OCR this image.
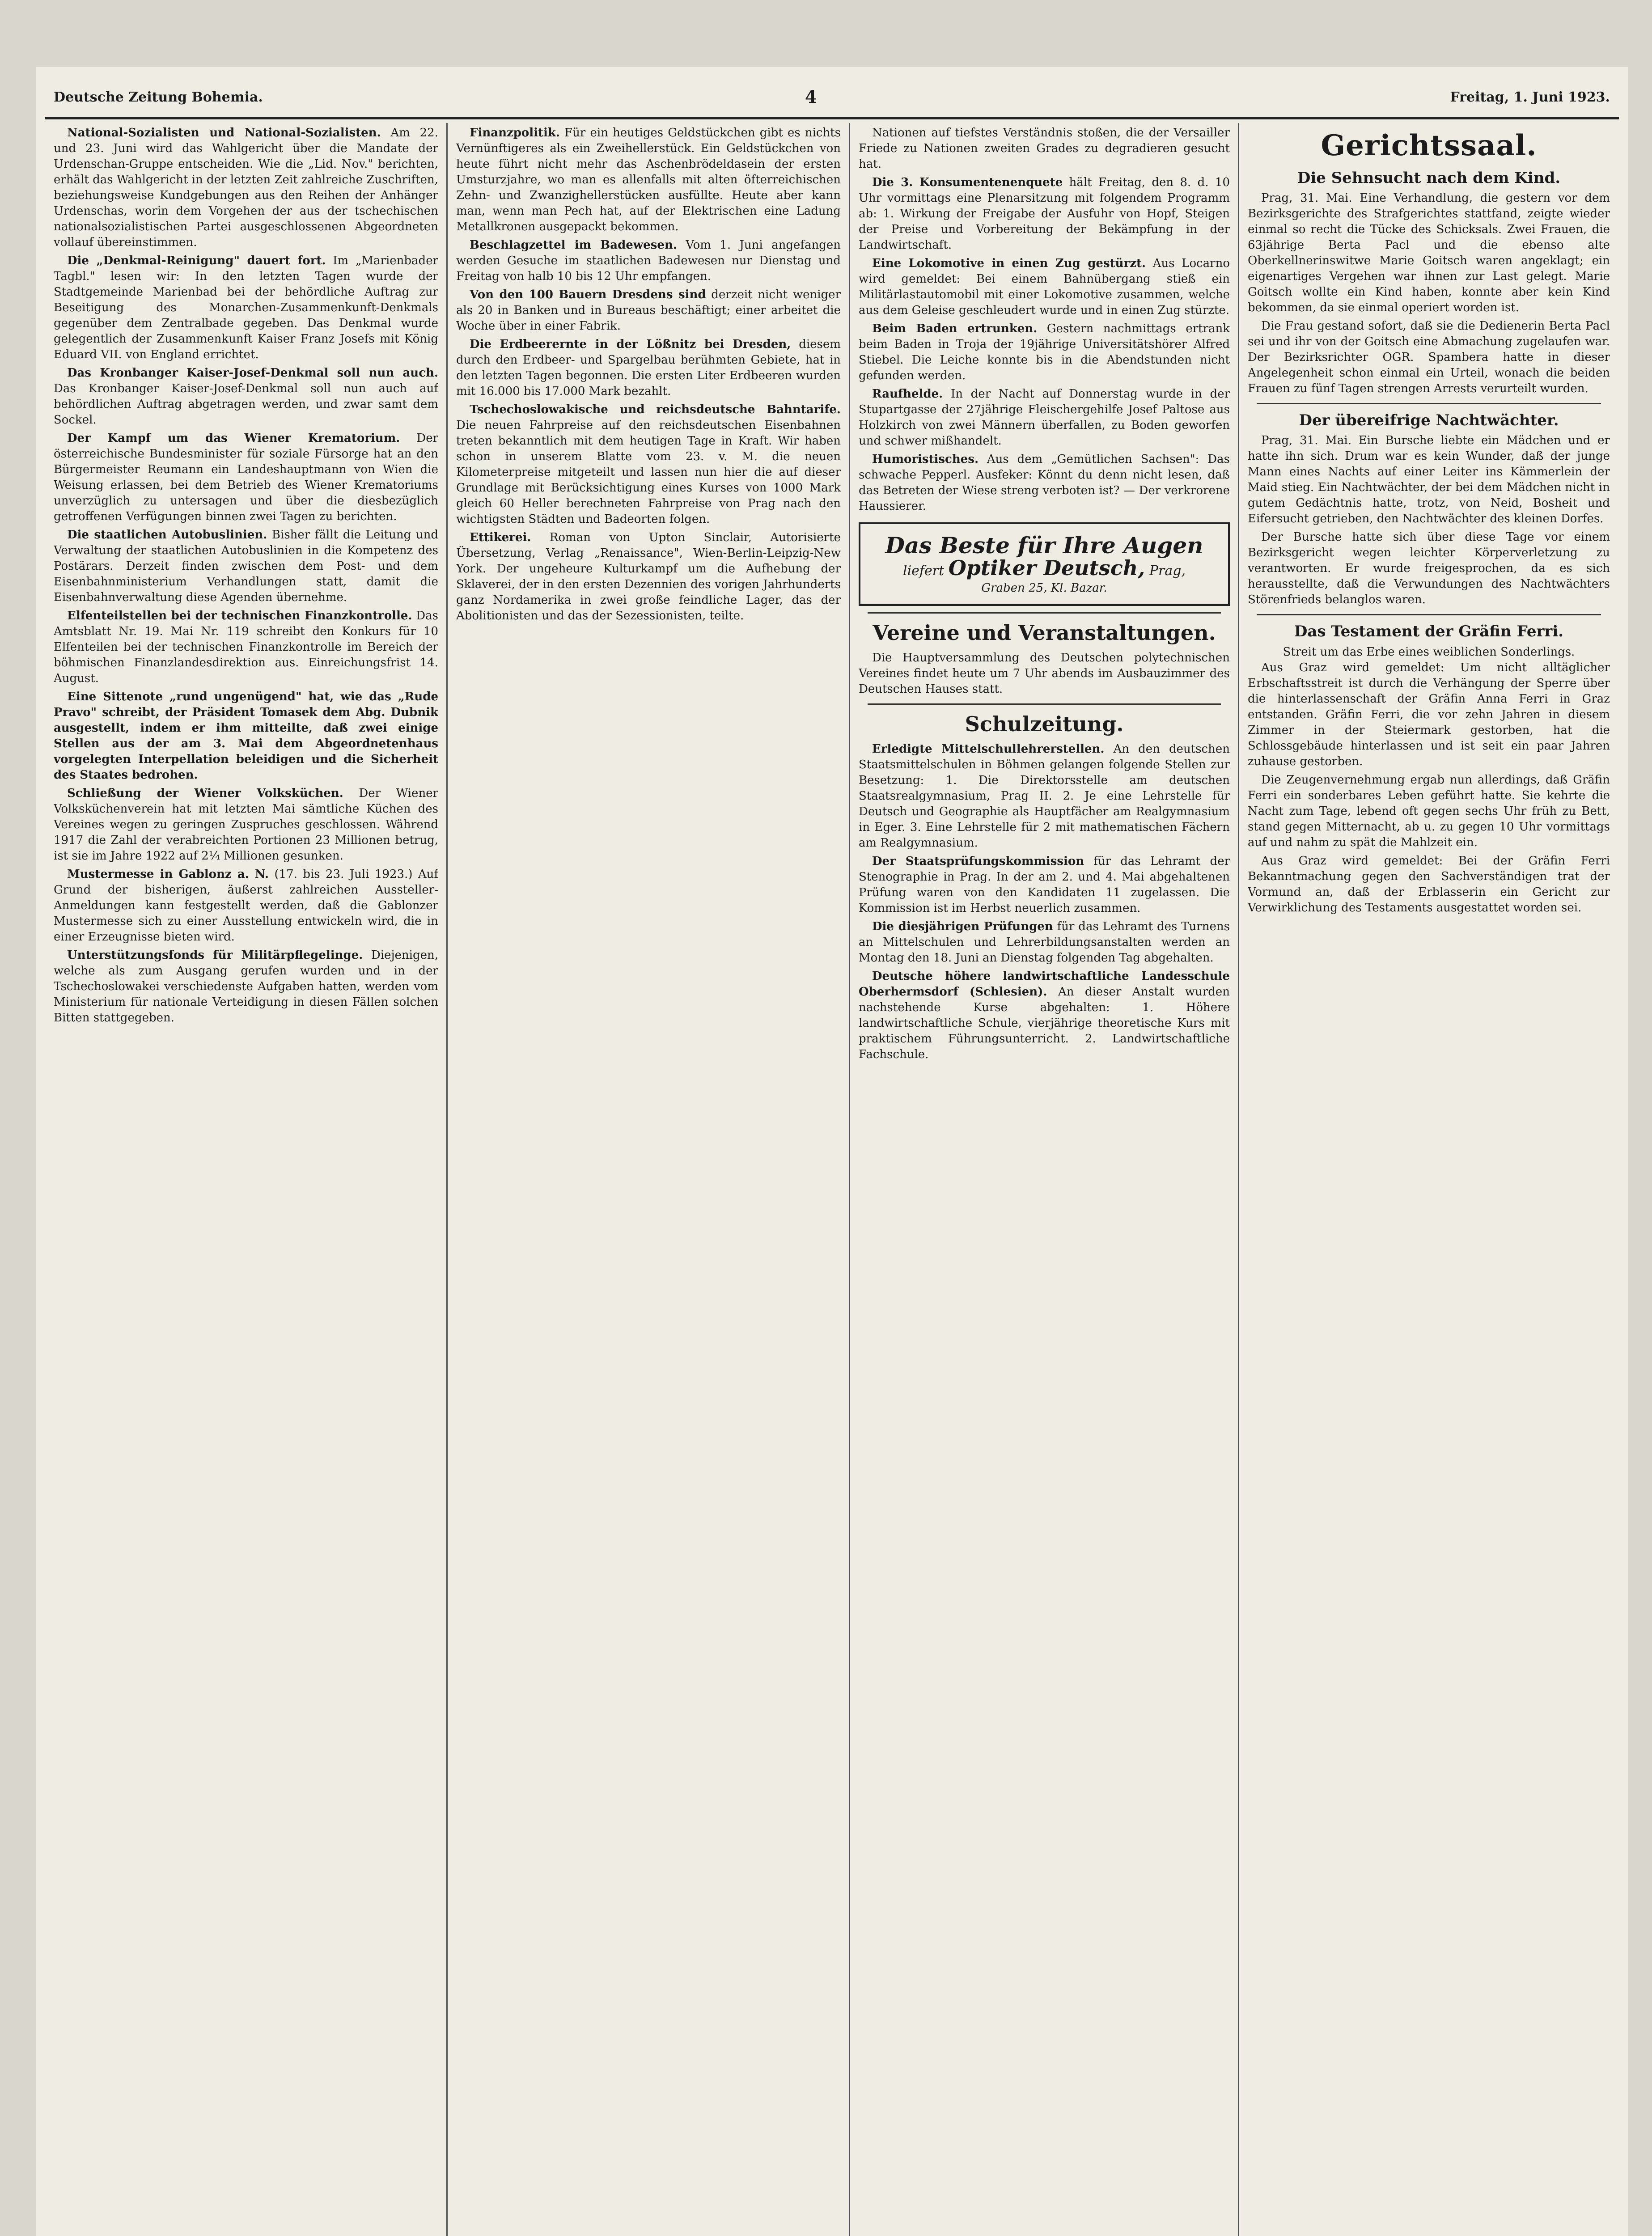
Deutsche Zeitung Bohemia.	4	Freitag, 1. Juni 1923.

National-Sozialisten und National-Sozialisten. Am 22. und 23. Juni wird das Wahlgericht über die Mandate der Urdenschan-Gruppe entscheiden. Wie die „Lid. Nov." berichten, erhält das Wahlgericht in der letzten Zeit zahlreiche Zuschriften, beziehungsweise Kundgebungen aus den Reihen der Anhänger Urdenschas, worin dem Vorgehen der aus der tschechischen nationalsozialistischen Partei ausgeschlossenen Abgeordneten vollauf übereinstimmen.

Die „Denkmal-Reinigung" dauert fort. Im „Marienbader Tagbl." lesen wir: In den letzten Tagen wurde der Stadtgemeinde Marienbad bei der behördliche Auftrag zur Beseitigung des Monarchen-Zusammenkunft-Denkmals gegenüber dem Zentralbade gegeben. Das Denkmal wurde gelegentlich der Zusammenkunft Kaiser Franz Josefs mit König Eduard VII. von England errichtet.

Das Kronbanger Kaiser-Josef-Denkmal soll nun auch. Das Kronbanger Kaiser-Josef-Denkmal soll nun auch auf behördlichen Auftrag abgetragen werden, und zwar samt dem Sockel.

Der Kampf um das Wiener Krematorium. Der österreichische Bundesminister für soziale Fürsorge hat an den Bürgermeister Reumann ein Landeshauptmann von Wien die Weisung erlassen, bei dem Betrieb des Wiener Krematoriums unverzüglich zu untersagen und über die diesbezüglich getroffenen Verfügungen binnen zwei Tagen zu berichten.

Die staatlichen Autobuslinien. Bisher fällt die Leitung und Verwaltung der staatlichen Autobuslinien in die Kompetenz des Postärars. Derzeit finden zwischen dem Post- und dem Eisenbahnministerium Verhandlungen statt, damit die Eisenbahnverwaltung diese Agenden übernehme.

Elfenteilstellen bei der technischen Finanzkontrolle. Das Amtsblatt Nr. 19. Mai Nr. 119 schreibt den Konkurs für 10 Elfenteilen bei der technischen Finanzkontrolle im Bereich der böhmischen Finanzlandesdirektion aus. Einreichungsfrist 14. August.

Eine Sittenote „rund ungenügend" hat, wie das „Rude Pravo" schreibt, der Präsident Tomasek dem Abg. Dubnik ausgestellt, indem er ihm mitteilte, daß zwei einige Stellen aus der am 3. Mai dem Abgeordnetenhaus vorgelegten Interpellation beleidigen und die Sicherheit des Staates bedrohen.

Schließung der Wiener Volksküchen. Der Wiener Volksküchenverein hat mit letzten Mai sämtliche Küchen des Vereines wegen zu geringen Zuspruches geschlossen. Während 1917 die Zahl der verabreichten Portionen 23 Millionen betrug, ist sie im Jahre 1922 auf 2¼ Millionen gesunken.

Mustermesse in Gablonz a. N. (17. bis 23. Juli 1923.) Auf Grund der bisherigen, äußerst zahlreichen Aussteller-Anmeldungen kann festgestellt werden, daß die Gablonzer Mustermesse sich zu einer Ausstellung entwickeln wird, die in einer Erzeugnisse bieten wird.

Unterstützungsfonds für Militärpflegelinge. Diejenigen, welche als zum Ausgang gerufen wurden und in der Tschechoslowakei verschiedenste Aufgaben hatten, werden vom Ministerium für nationale Verteidigung in diesen Fällen solchen Bitten stattgegeben.

Finanzpolitik. Für ein heutiges Geldstückchen gibt es nichts Vernünftigeres als ein Zweihellerstück. Ein Geldstückchen von heute führt nicht mehr das Aschenbrödeldasein der ersten Umsturzjahre, wo man es allenfalls mit alten öfterreichischen Zehn- und Zwanzighellerstücken ausfüllte. Heute aber kann man, wenn man Pech hat, auf der Elektrischen eine Ladung Metallkronen ausgepackt bekommen.

Beschlagzettel im Badewesen. Vom 1. Juni angefangen werden Gesuche im staatlichen Badewesen nur Dienstag und Freitag von halb 10 bis 12 Uhr empfangen.

Von den 100 Bauern Dresdens sind derzeit nicht weniger als 20 in Banken und in Bureaus beschäftigt; einer arbeitet die Woche über in einer Fabrik.

Die Erdbeerernte in der Lößnitz bei Dresden, diesem durch den Erdbeer- und Spargelbau berühmten Gebiete, hat in den letzten Tagen begonnen. Die ersten Liter Erdbeeren wurden mit 16.000 bis 17.000 Mark bezahlt.

Tschechoslowakische und reichsdeutsche Bahntarife. Die neuen Fahrpreise auf den reichsdeutschen Eisenbahnen treten bekanntlich mit dem heutigen Tage in Kraft. Wir haben schon in unserem Blatte vom 23. v. M. die neuen Kilometerpreise mitgeteilt und lassen nun hier die auf dieser Grundlage mit Berücksichtigung eines Kurses von 1000 Mark gleich 60 Heller berechneten Fahrpreise von Prag nach den wichtigsten Städten und Badeorten folgen.

Ettikerei. Roman von Upton Sinclair, Autorisierte Übersetzung, Verlag „Renaissance", Wien-Berlin-Leipzig-New York. Der ungeheure Kulturkampf um die Aufhebung der Sklaverei, der in den ersten Dezennien des vorigen Jahrhunderts ganz Nordamerika in zwei große feindliche Lager, das der Abolitionisten und das der Sezessionisten, teilte.

Nationen auf tiefstes Verständnis stoßen, die der Versailler Friede zu Nationen zweiten Grades zu degradieren gesucht hat.

Die 3. Konsumentenenquete hält Freitag, den 8. d. 10 Uhr vormittags eine Plenarsitzung mit folgendem Programm ab: 1. Wirkung der Freigabe der Ausfuhr von Hopf, Steigen der Preise und Vorbereitung der Bekämpfung in der Landwirtschaft.

Eine Lokomotive in einen Zug gestürzt. Aus Locarno wird gemeldet: Bei einem Bahnübergang stieß ein Militärlastautomobil mit einer Lokomotive zusammen, welche aus dem Geleise geschleudert wurde und in einen Zug stürzte.

Beim Baden ertrunken. Gestern nachmittags ertrank beim Baden in Troja der 19jährige Universitätshörer Alfred Stiebel. Die Leiche konnte bis in die Abendstunden nicht gefunden werden.

Raufhelde. In der Nacht auf Donnerstag wurde in der Stupartgasse der 27jährige Fleischergehilfe Josef Paltose aus Holzkirch von zwei Männern überfallen, zu Boden geworfen und schwer mißhandelt.

Humoristisches. Aus dem „Gemütlichen Sachsen": Das schwache Pepperl. Ausfeker: Könnt du denn nicht lesen, daß das Betreten der Wiese streng verboten ist? — Der verkrorene Haussierer.

Das Beste für Ihre Augen
liefert Optiker Deutsch, Prag,
Graben 25, Kl. Bazar.
Vereine und Veranstaltungen.

Die Hauptversammlung des Deutschen polytechnischen Vereines findet heute um 7 Uhr abends im Ausbauzimmer des Deutschen Hauses statt.

Schulzeitung.

Erledigte Mittelschullehrerstellen. An den deutschen Staatsmittelschulen in Böhmen gelangen folgende Stellen zur Besetzung: 1. Die Direktorsstelle am deutschen Staatsrealgymnasium, Prag II. 2. Je eine Lehrstelle für Deutsch und Geographie als Hauptfächer am Realgymnasium in Eger. 3. Eine Lehrstelle für 2 mit mathematischen Fächern am Realgymnasium.

Der Staatsprüfungskommission für das Lehramt der Stenographie in Prag. In der am 2. und 4. Mai abgehaltenen Prüfung waren von den Kandidaten 11 zugelassen. Die Kommission ist im Herbst neuerlich zusammen.

Die diesjährigen Prüfungen für das Lehramt des Turnens an Mittelschulen und Lehrerbildungsanstalten werden an Montag den 18. Juni an Dienstag folgenden Tag abgehalten.

Deutsche höhere landwirtschaftliche Landesschule Oberhermsdorf (Schlesien). An dieser Anstalt wurden nachstehende Kurse abgehalten: 1. Höhere landwirtschaftliche Schule, vierjährige theoretische Kurs mit praktischem Führungsunterricht. 2. Landwirtschaftliche Fachschule.

Gerichtssaal.
Die Sehnsucht nach dem Kind.

Prag, 31. Mai. Eine Verhandlung, die gestern vor dem Bezirksgerichte des Strafgerichtes stattfand, zeigte wieder einmal so recht die Tücke des Schicksals. Zwei Frauen, die 63jährige Berta Pacl und die ebenso alte Oberkellnerinswitwe Marie Goitsch waren angeklagt; ein eigenartiges Vergehen war ihnen zur Last gelegt. Marie Goitsch wollte ein Kind haben, konnte aber kein Kind bekommen, da sie einmal operiert worden ist.

Die Frau gestand sofort, daß sie die Dedienerin Berta Pacl sei und ihr von der Goitsch eine Abmachung zugelaufen war. Der Bezirksrichter OGR. Spambera hatte in dieser Angelegenheit schon einmal ein Urteil, wonach die beiden Frauen zu fünf Tagen strengen Arrests verurteilt wurden.

Der übereifrige Nachtwächter.

Prag, 31. Mai. Ein Bursche liebte ein Mädchen und er hatte ihn sich. Drum war es kein Wunder, daß der junge Mann eines Nachts auf einer Leiter ins Kämmerlein der Maid stieg. Ein Nachtwächter, der bei dem Mädchen nicht in gutem Gedächtnis hatte, trotz, von Neid, Bosheit und Eifersucht getrieben, den Nachtwächter des kleinen Dorfes.

Der Bursche hatte sich über diese Tage vor einem Bezirksgericht wegen leichter Körperverletzung zu verantworten. Er wurde freigesprochen, da es sich herausstellte, daß die Verwundungen des Nachtwächters Störenfrieds belanglos waren.

Das Testament der Gräfin Ferri.
Streit um das Erbe eines weiblichen Sonderlings.

Aus Graz wird gemeldet: Um nicht alltäglicher Erbschaftsstreit ist durch die Verhängung der Sperre über die hinterlassenschaft der Gräfin Anna Ferri in Graz entstanden. Gräfin Ferri, die vor zehn Jahren in diesem Zimmer in der Steiermark gestorben, hat die Schlossgebäude hinterlassen und ist seit ein paar Jahren zuhause gestorben.

Die Zeugenvernehmung ergab nun allerdings, daß Gräfin Ferri ein sonderbares Leben geführt hatte. Sie kehrte die Nacht zum Tage, lebend oft gegen sechs Uhr früh zu Bett, stand gegen Mitternacht, ab u. zu gegen 10 Uhr vormittags auf und nahm zu spät die Mahlzeit ein.

Aus Graz wird gemeldet: Bei der Gräfin Ferri Bekanntmachung gegen den Sachverständigen trat der Vormund an, daß der Erblasserin ein Gericht zur Verwirklichung des Testaments ausgestattet worden sei.
